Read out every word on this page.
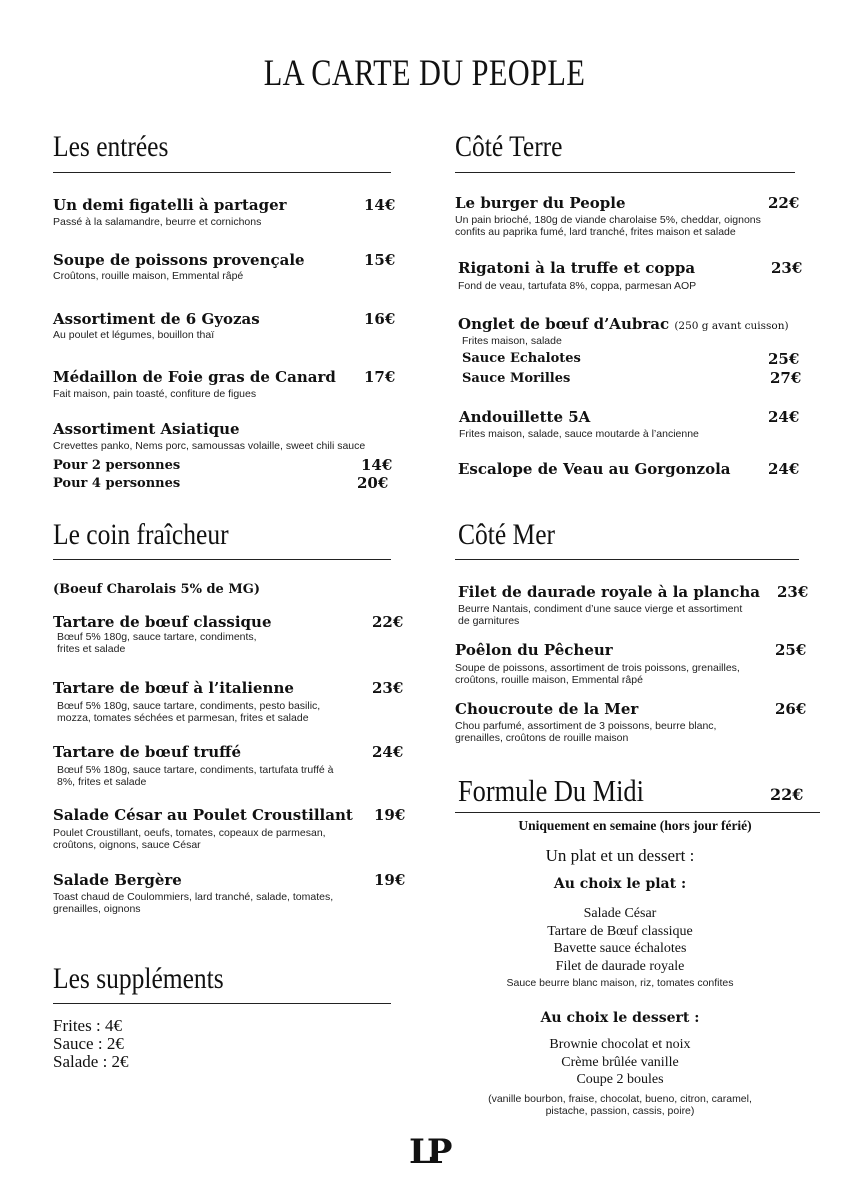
LA CARTE DU PEOPLE
Les entrées
Un demi figatelli à partager	14€
Passé à la salamandre, beurre et cornichons
Soupe de poissons provençale	15€
Croûtons, rouille maison, Emmental râpé
Assortiment de 6 Gyozas	16€
Au poulet et légumes, bouillon thaï
Médaillon de Foie gras de Canard 17€
Fait maison, pain toasté, confiture de figues
Assortiment Asiatique
Crevettes panko, Nems porc, samoussas volaille, sweet chili sauce
Pour 2 personnes	14€
Pour 4 personnes	20€
Le coin fraîcheur
(Boeuf Charolais 5% de MG)
Tartare de bœuf classique	22€
Bœuf 5% 180g, sauce tartare, condiments,
frites et salade
Tartare de bœuf à l’italienne	23€
Bœuf 5% 180g, sauce tartare, condiments, pesto basilic,
mozza, tomates séchées et parmesan, frites et salade
Tartare de bœuf truffé	24€
Bœuf 5% 180g, sauce tartare, condiments, tartufata truffé à
8%, frites et salade
Salade César au Poulet Croustillant 19€
Poulet Croustillant, oeufs, tomates, copeaux de parmesan,
croûtons, oignons, sauce César
Salade Bergère	19€
Toast chaud de Coulommiers, lard tranché, salade, tomates,
grenailles, oignons
Les suppléments
Frites : 4€
Sauce : 2€
Salade : 2€
Côté Terre
Le burger du People	22€
Un pain brioché, 180g de viande charolaise 5%, cheddar, oignons
confits au paprika fumé, lard tranché, frites maison et salade
Rigatoni à la truffe et coppa	23€
Fond de veau, tartufata 8%, coppa, parmesan AOP
Onglet de bœuf d’Aubrac (250 g avant cuisson)
Frites maison, salade
Sauce Echalotes	25€
Sauce Morilles	27€
Andouillette 5A	24€
Frites maison, salade, sauce moutarde à l’ancienne
Escalope de Veau au Gorgonzola	24€
Côté Mer
Filet de daurade royale à la plancha 23€
Beurre Nantais, condiment d’une sauce vierge et assortiment
de garnitures
Poêlon du Pêcheur	25€
Soupe de poissons, assortiment de trois poissons, grenailles,
croûtons, rouille maison, Emmental râpé
Choucroute de la Mer	26€
Chou parfumé, assortiment de 3 poissons, beurre blanc,
grenailles, croûtons de rouille maison
Formule Du Midi	22€
Uniquement en semaine (hors jour férié)
Un plat et un dessert :
Au choix le plat :
Salade César
Tartare de Bœuf classique
Bavette sauce échalotes
Filet de daurade royale
Sauce beurre blanc maison, riz, tomates confites
Au choix le dessert :
Brownie chocolat et noix
Crème brûlée vanille
Coupe 2 boules
(vanille bourbon, fraise, chocolat, bueno, citron, caramel,
pistache, passion, cassis, poire)
LP
